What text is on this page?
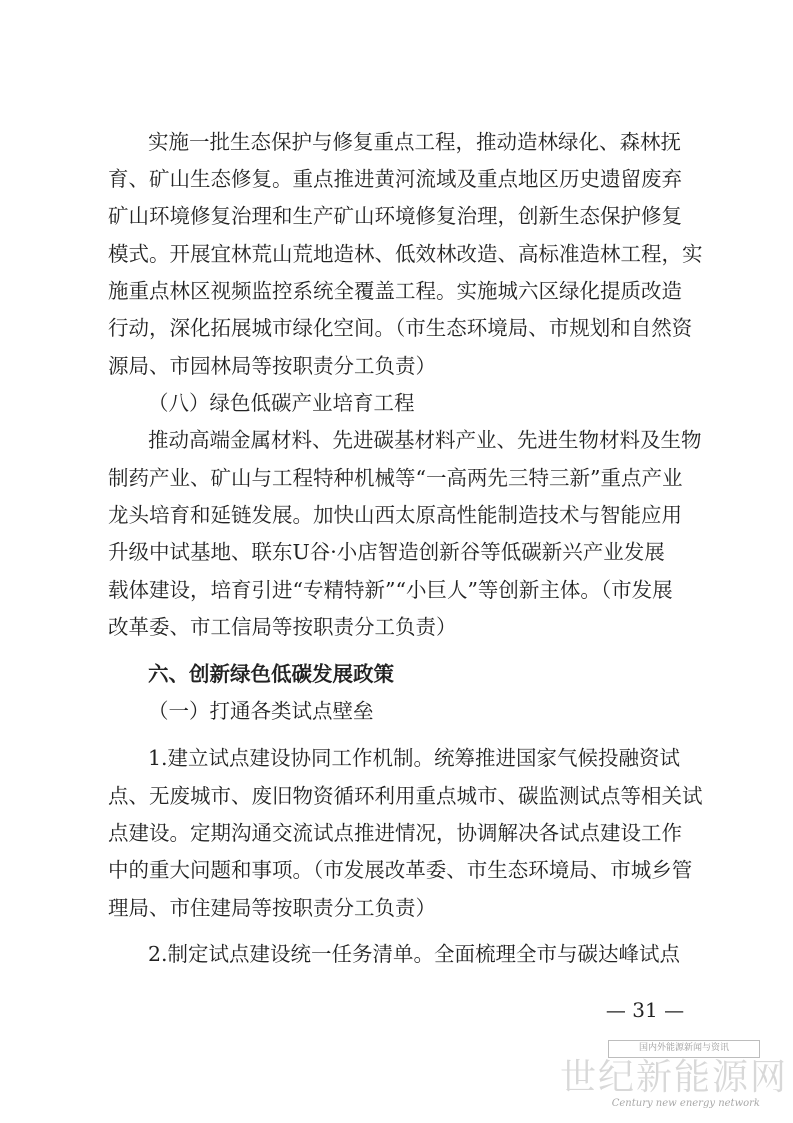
实施一批生态保护与修复重点工程，推动造林绿化、森林抚
育、矿山生态修复。重点推进黄河流域及重点地区历史遗留废弃
矿山环境修复治理和生产矿山环境修复治理，创新生态保护修复
模式。开展宜林荒山荒地造林、低效林改造、高标准造林工程，实
施重点林区视频监控系统全覆盖工程。实施城六区绿化提质改造
行动，深化拓展城市绿化空间。（市生态环境局、市规划和自然资
源局、市园林局等按职责分工负责）
（八）绿色低碳产业培育工程
推动高端金属材料、先进碳基材料产业、先进生物材料及生物
制药产业、矿山与工程特种机械等“一高两先三特三新”重点产业
龙头培育和延链发展。加快山西太原高性能制造技术与智能应用
升级中试基地、联东U谷·小店智造创新谷等低碳新兴产业发展
载体建设，培育引进“专精特新”“小巨人”等创新主体。（市发展
改革委、市工信局等按职责分工负责）
六、创新绿色低碳发展政策
（一）打通各类试点壁垒
1.建立试点建设协同工作机制。统筹推进国家气候投融资试
点、无废城市、废旧物资循环利用重点城市、碳监测试点等相关试
点建设。定期沟通交流试点推进情况，协调解决各试点建设工作
中的重大问题和事项。（市发展改革委、市生态环境局、市城乡管
理局、市住建局等按职责分工负责）
2.制定试点建设统一任务清单。全面梳理全市与碳达峰试点
— 31 —
国内外能源新闻与资讯
世纪新能源网
Century new energy network
